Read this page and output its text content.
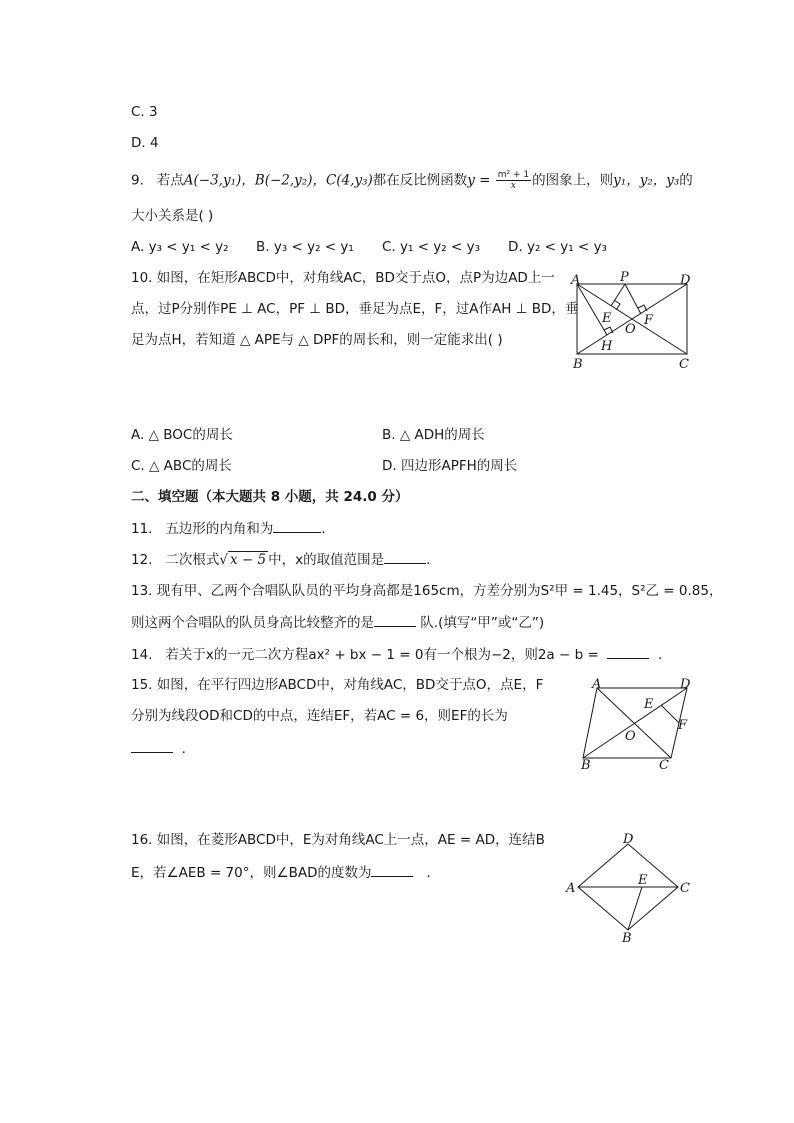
C. 3
D. 4
9. 若点A(−3,y₁)，B(−2,y₂)，C(4,y₃)都在反比例函数$y = \frac{\text{m² + 1}}{x}$ 的图象上，则y₁，y₂，y₃的
大小关系是( )
A. y₃ < y₁ < y₂ B. y₃ < y₂ < y₁ C. y₁ < y₂ < y₃ D. y₂ < y₁ < y₃
10. 如图，在矩形ABCD中，对角线AC，BD交于点O，点P为边AD上一
点，过P分别作PE ⊥ AC，PF ⊥ BD，垂足为点E，F，过A作AH ⊥ BD，垂
足为点H，若知道 △ APE与 △ DPF的周长和，则一定能求出( )
A	P	D
E
O
F
H
B	C
A. △ BOC的周长	B. △ ADH的周长
C. △ ABC的周长	D. 四边形APFH的周长
二、填空题（本大题共 8 小题，共 24.0 分）
11. 五边形的内角和为	.
12. 二次根式√ x − 5 中，x的取值范围是	.
13. 现有甲、乙两个合唱队队员的平均身高都是165cm，方差分别为S²甲 = 1.45，S²乙 = 0.85，
则这两个合唱队的队员身高比较整齐的是	队.(填写“甲”或“乙”)
14. 若关于x的一元二次方程ax² + bx − 1 = 0有一个根为−2，则2a − b =	.
15. 如图，在平行四边形ABCD中，对角线AC，BD交于点O，点E，F
分别为线段OD和CD的中点，连结EF，若AC = 6，则EF的长为
.
A	D
E
F
O
B	C
16. 如图，在菱形ABCD中，E为对角线AC上一点，AE = AD，连结B
E，若∠AEB = 70°，则∠BAD的度数为	.
A
D
C
E
B
